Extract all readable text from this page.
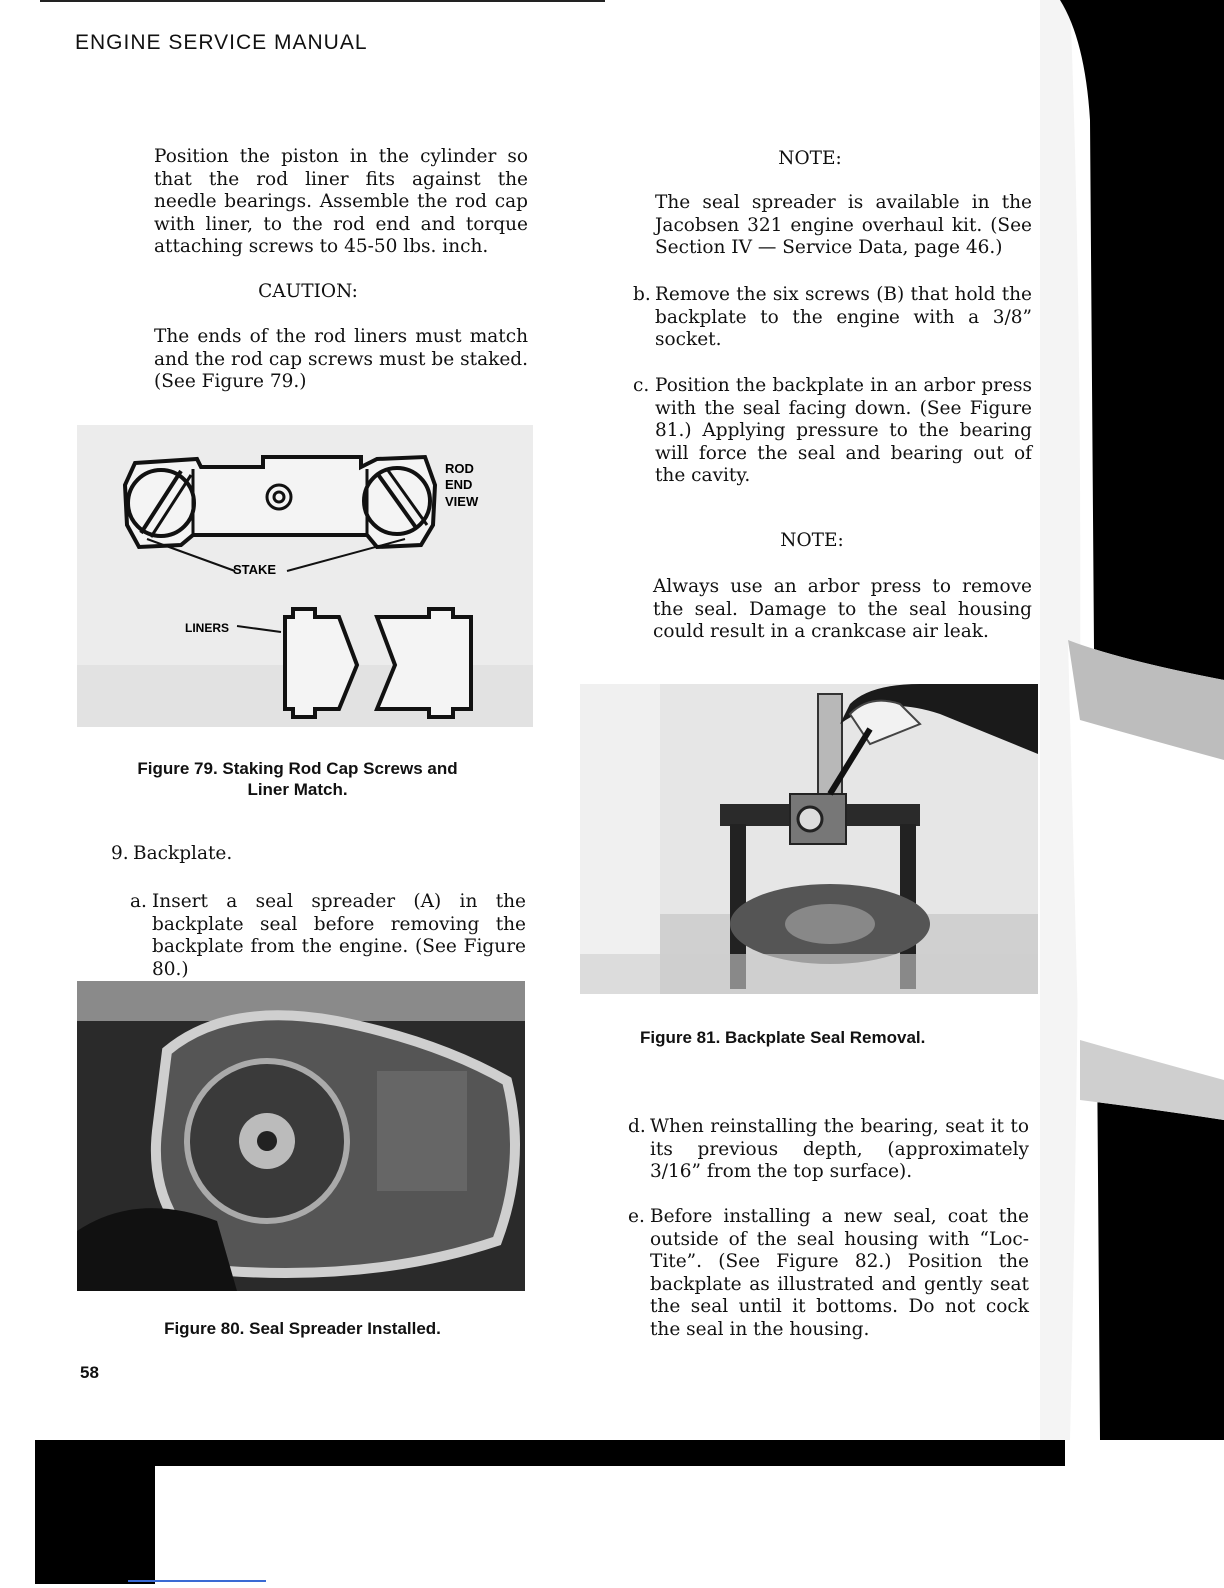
ENGINE SERVICE MANUAL

Position the piston in the cylinder so that the rod liner fits against the needle bearings. Assemble the rod cap with liner, to the rod end and torque attaching screws to 45-50 lbs. inch.

CAUTION:

The ends of the rod liners must match and the rod cap screws must be staked. (See Figure 79.)

ROD
END
VIEW
STAKE
LINERS
Figure 79. Staking Rod Cap Screws and
Liner Match.
9. Backplate.
a. Insert a seal spreader (A) in the backplate seal before removing the backplate from the engine. (See Figure 80.)
Figure 80. Seal Spreader Installed.
58
NOTE:

The seal spreader is available in the Jacobsen 321 engine overhaul kit. (See Section IV — Service Data, page 46.)

b. Remove the six screws (B) that hold the backplate to the engine with a 3/8” socket.
c. Position the backplate in an arbor press with the seal facing down. (See Figure 81.) Applying pressure to the bearing will force the seal and bearing out of the cavity.
NOTE:

Always use an arbor press to remove the seal. Damage to the seal housing could result in a crankcase air leak.

Figure 81. Backplate Seal Removal.
d. When reinstalling the bearing, seat it to its previous depth, (approximately 3/16” from the top surface).
e. Before installing a new seal, coat the outside of the seal housing with “Loc-Tite”. (See Figure 82.) Position the backplate as illustrated and gently seat the seal until it bottoms. Do not cock the seal in the housing.
